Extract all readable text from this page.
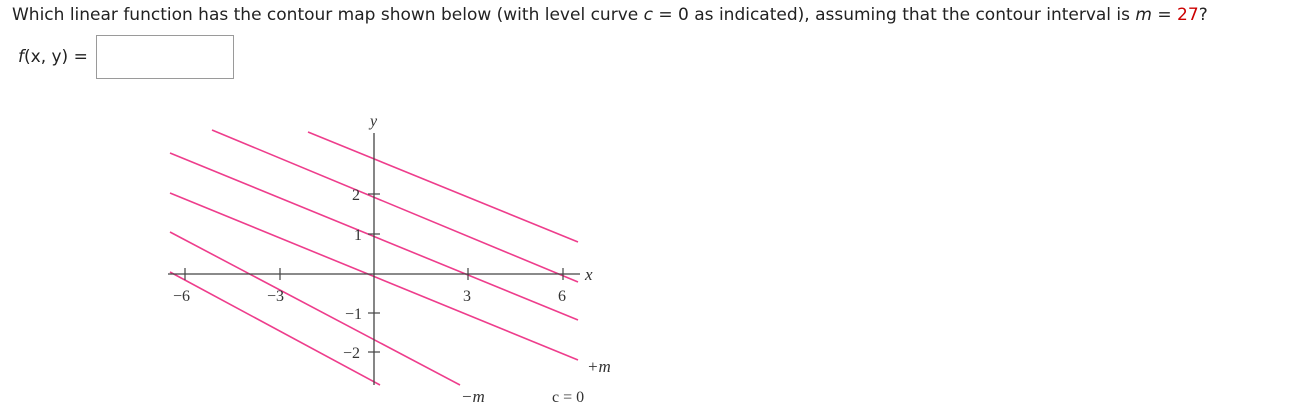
Which linear function has the contour map shown below (with level curve c = 0 as indicated), assuming that the contour interval is m = 27?
f(x, y) =
y
x
−6	−3	3	6
2
1
−1
−2
−m
+m
c = 0
